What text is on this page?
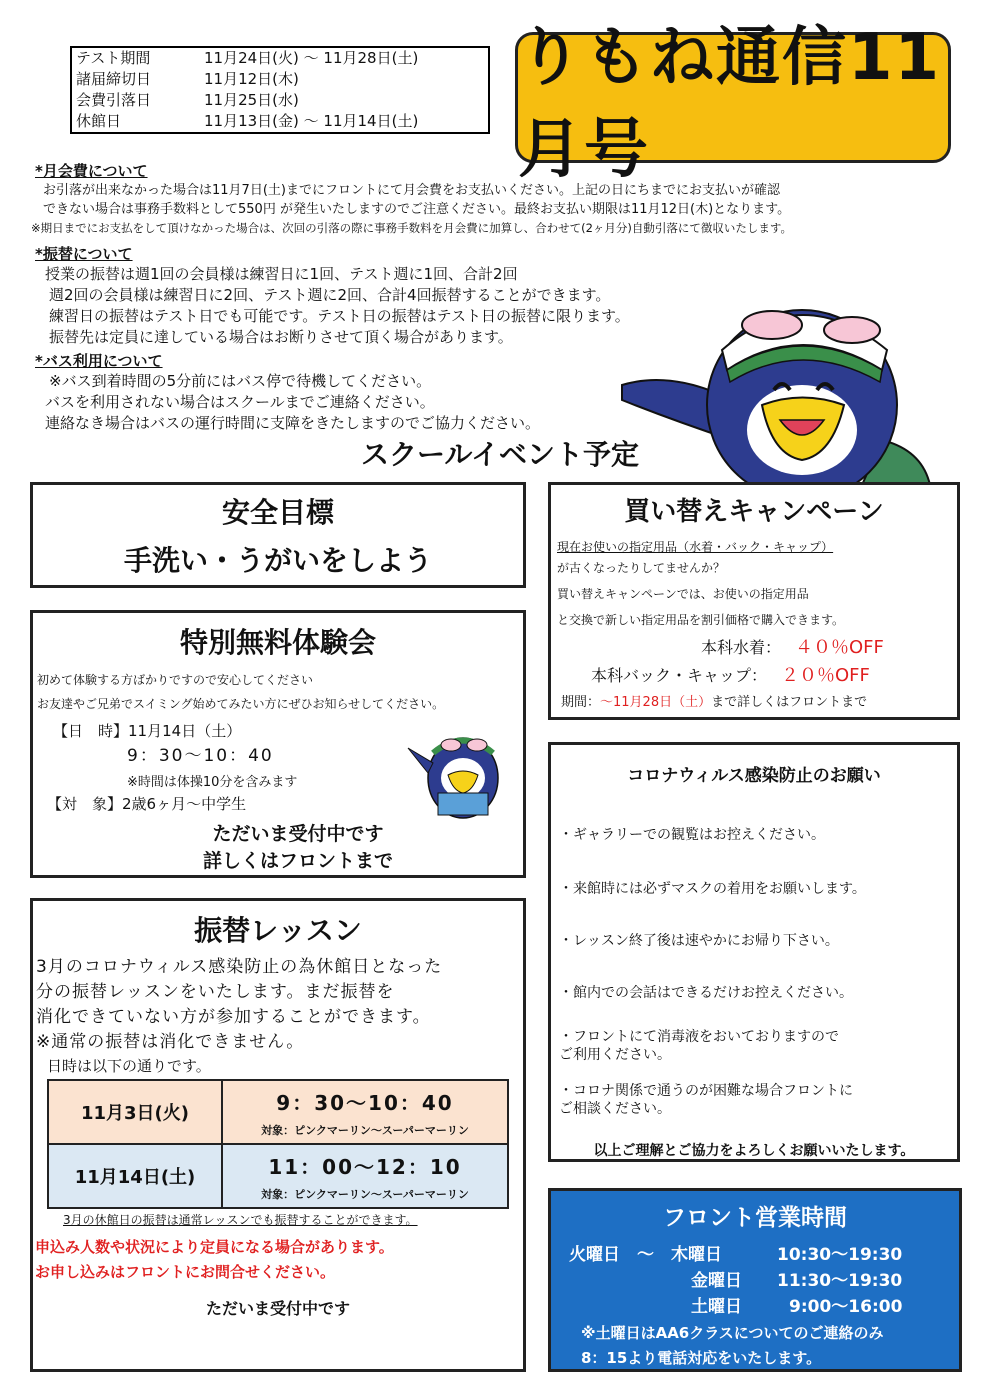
テスト期間	11月24日(火) ～ 11月28日(土)
諸届締切日	11月12日(木)
会費引落日	11月25日(水)
休館日	11月13日(金) ～ 11月14日(土)
りもね通信11月号
*月会費について
お引落が出来なかった場合は11月7日(土)までにフロントにて月会費をお支払いください。上記の日にちまでにお支払いが確認
できない場合は事務手数料として550円 が発生いたしますのでご注意ください。最終お支払い期限は11月12日(木)となります。
※期日までにお支払をして頂けなかった場合は、次回の引落の際に事務手数料を月会費に加算し、合わせて(2ヶ月分)自動引落にて徴収いたします。
*振替について
授業の振替は週1回の会員様は練習日に1回、テスト週に1回、合計2回
週2回の会員様は練習日に2回、テスト週に2回、合計4回振替することができます。
練習日の振替はテスト日でも可能です。テスト日の振替はテスト日の振替に限ります。
振替先は定員に達している場合はお断りさせて頂く場合があります。
*バス利用について
※バス到着時間の5分前にはバス停で待機してください。
バスを利用されない場合はスクールまでご連絡ください。
連絡なき場合はバスの運行時間に支障をきたしますのでご協力ください。
スクールイベント予定
安全目標
手洗い・うがいをしよう
特別無料体験会
初めて体験する方ばかりですので安心してください
お友達やご兄弟でスイミング始めてみたい方にぜひお知らせしてください。
【日　時】11月14日（土）
9：30～10：40
※時間は体操10分を含みます
【対　象】2歳6ヶ月～中学生
ただいま受付中です
詳しくはフロントまで
振替レッスン
3月のコロナウィルス感染防止の為休館日となった
分の振替レッスンをいたします。まだ振替を
消化できていない方が参加することができます。
※通常の振替は消化できません。
日時は以下の通りです。
11月3日(火)	9：30～10：40
対象：ピンクマーリン～スーパーマーリン

11月14日(土)	11：00～12：10
対象：ピンクマーリン～スーパーマーリン
3月の休館日の振替は通常レッスンでも振替することができます。
申込み人数や状況により定員になる場合があります。
お申し込みはフロントにお問合せください。
ただいま受付中です
買い替えキャンペーン
現在お使いの指定用品（水着・バック・キャップ）
が古くなったりしてませんか？
買い替えキャンペーンでは、お使いの指定用品
と交換で新しい指定用品を割引価格で購入できます。
本科水着： ４０％OFF
本科バック・キャップ： ２０％OFF
期間：～11月28日（土）まで詳しくはフロントまで
コロナウィルス感染防止のお願い
・ギャラリーでの観覧はお控えください。
・来館時には必ずマスクの着用をお願いします。
・レッスン終了後は速やかにお帰り下さい。
・館内での会話はできるだけお控えください。
・フロントにて消毒液をおいておりますので
ご利用ください。
・コロナ関係で通うのが困難な場合フロントに
ご相談ください。
以上ご理解とご協力をよろしくお願いいたします。
フロント営業時間
火曜日　～　木曜日	10:30～19:30
金曜日 11:30～19:30
土曜日	9:00～16:00
※土曜日はAA6クラスについてのご連絡のみ
8：15より電話対応をいたします。
